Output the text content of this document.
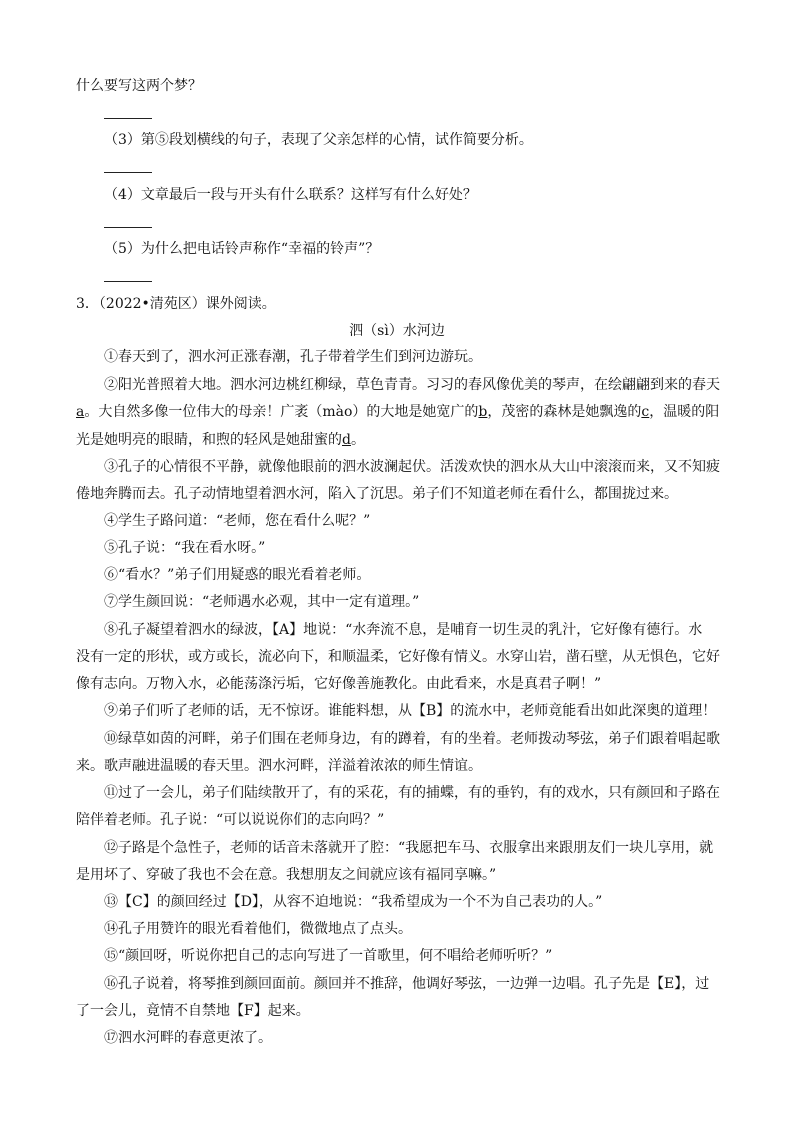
什么要写这两个梦？
（3）第⑤段划横线的句子，表现了父亲怎样的心情，试作简要分析。
（4）文章最后一段与开头有什么联系？这样写有什么好处？
（5）为什么把电话铃声称作“幸福的铃声”？
3．（2022•清苑区）课外阅读。
泗（sì）水河边
①春天到了，泗水河正涨春潮，孔子带着学生们到河边游玩。
②阳光普照着大地。泗水河边桃红柳绿，草色青青。习习的春风像优美的琴声，在绘翩翩到来的春天
a。大自然多像一位伟大的母亲！广袤（mào）的大地是她宽广的b，茂密的森林是她飘逸的c，温暖的阳
光是她明亮的眼睛，和煦的轻风是她甜蜜的d。
③孔子的心情很不平静，就像他眼前的泗水波澜起伏。活泼欢快的泗水从大山中滚滚而来，又不知疲
倦地奔腾而去。孔子动情地望着泗水河，陷入了沉思。弟子们不知道老师在看什么，都围拢过来。
④学生子路问道：“老师，您在看什么呢？”
⑤孔子说：“我在看水呀。”
⑥“看水？”弟子们用疑惑的眼光看着老师。
⑦学生颜回说：“老师遇水必观，其中一定有道理。”
⑧孔子凝望着泗水的绿波，【A】地说：“水奔流不息，是哺育一切生灵的乳汁，它好像有德行。水
没有一定的形状，或方或长，流必向下，和顺温柔，它好像有情义。水穿山岩，凿石壁，从无惧色，它好
像有志向。万物入水，必能荡涤污垢，它好像善施教化。由此看来，水是真君子啊！”
⑨弟子们听了老师的话，无不惊讶。谁能料想，从【B】的流水中，老师竟能看出如此深奥的道理！
⑩绿草如茵的河畔，弟子们围在老师身边，有的蹲着，有的坐着。老师拨动琴弦，弟子们跟着唱起歌
来。歌声融进温暖的春天里。泗水河畔，洋溢着浓浓的师生情谊。
⑪过了一会儿，弟子们陆续散开了，有的采花，有的捕蝶，有的垂钓，有的戏水，只有颜回和子路在
陪伴着老师。孔子说：“可以说说你们的志向吗？”
⑫子路是个急性子，老师的话音未落就开了腔：“我愿把车马、衣服拿出来跟朋友们一块儿享用，就
是用坏了、穿破了我也不会在意。我想朋友之间就应该有福同享嘛。”
⑬【C】的颜回经过【D】，从容不迫地说：“我希望成为一个不为自己表功的人。”
⑭孔子用赞许的眼光看着他们，微微地点了点头。
⑮“颜回呀，听说你把自己的志向写进了一首歌里，何不唱给老师听听？”
⑯孔子说着，将琴推到颜回面前。颜回并不推辞，他调好琴弦，一边弹一边唱。孔子先是【E】，过
了一会儿，竟情不自禁地【F】起来。
⑰泗水河畔的春意更浓了。
